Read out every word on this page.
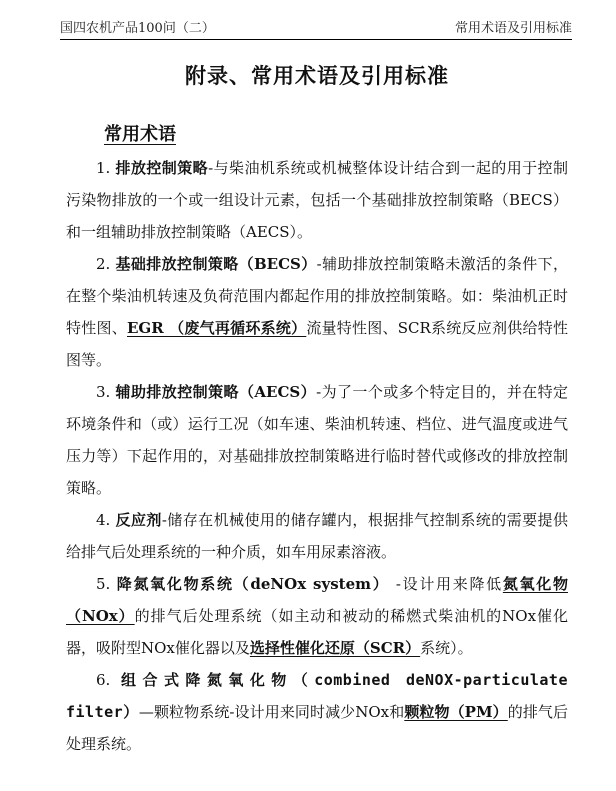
国四农机产品100问（二）	常用术语及引用标准
附录、常用术语及引用标准
常用术语

1. 排放控制策略-与柴油机系统或机械整体设计结合到一起的用于控制污染物排放的一个或一组设计元素，包括一个基础排放控制策略（BECS）和一组辅助排放控制策略（AECS）。

2. 基础排放控制策略（BECS）-辅助排放控制策略未激活的条件下，在整个柴油机转速及负荷范围内都起作用的排放控制策略。如：柴油机正时特性图、EGR （废气再循环系统）流量特性图、SCR系统反应剂供给特性图等。

3. 辅助排放控制策略（AECS）-为了一个或多个特定目的，并在特定环境条件和（或）运行工况（如车速、柴油机转速、档位、进气温度或进气压力等）下起作用的，对基础排放控制策略进行临时替代或修改的排放控制策略。

4. 反应剂-储存在机械使用的储存罐内，根据排气控制系统的需要提供给排气后处理系统的一种介质，如车用尿素溶液。

5. 降氮氧化物系统（deNOx system） -设计用来降低氮氧化物（NOx）的排气后处理系统（如主动和被动的稀燃式柴油机的NOx催化器，吸附型NOx催化器以及选择性催化还原（SCR）系统）。

6. 组合式降氮氧化物（combined deNOX-particulate filter）—颗粒物系统-设计用来同时减少NOx和颗粒物（PM）的排气后处理系统。
